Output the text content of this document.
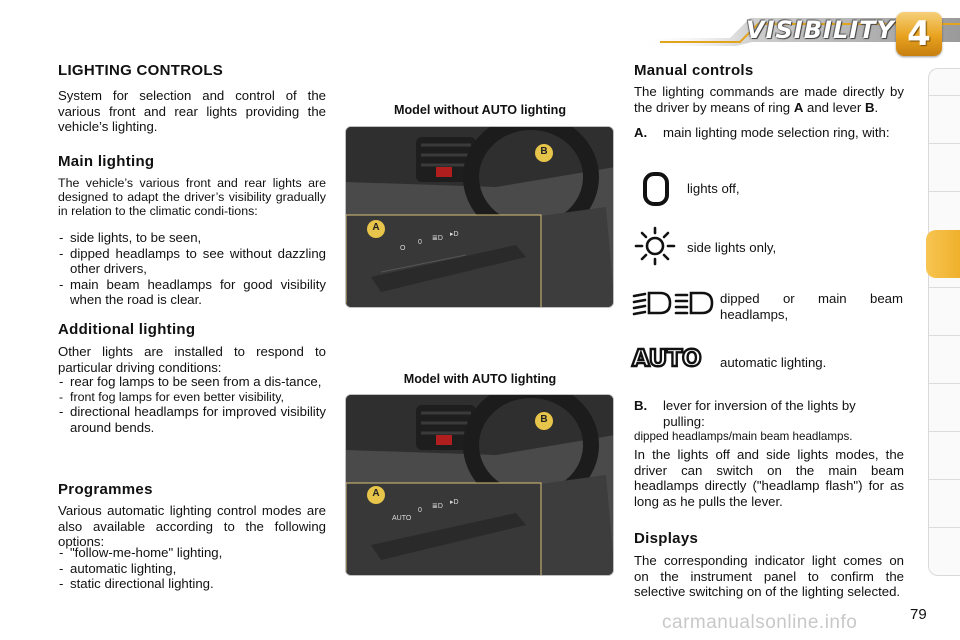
VISIBILITY 4
LIGHTING CONTROLS

System for selection and control of the various front and rear lights providing the vehicle’s lighting.

Main lighting

The vehicle’s various front and rear lights are designed to adapt the driver’s visibility gradually in relation to the climatic condi-tions:

- side lights, to be seen,
- dipped headlamps to see without dazzling other drivers,
- main beam headlamps for good visibility when the road is clear.
Additional lighting

Other lights are installed to respond to particular driving conditions:

- rear fog lamps to be seen from a dis-tance,
- front fog lamps for even better visibility,
- directional headlamps for improved visibility around bends.
Programmes

Various automatic lighting control modes are also available according to the following options:

- "follow-me-home" lighting,
- automatic lighting,
- static directional lighting.
Model without AUTO lighting
B
A
O
0
≣D
▸D
Model with AUTO lighting
B
A
AUTO
0
≣D
▸D
Manual controls

The lighting commands are made directly by the driver by means of ring A and lever B.

A. main lighting mode selection ring, with:
lights off,
side lights only,
dipped or main beam headlamps,
AUTO automatic lighting.
B. lever for inversion of the lights by pulling:
dipped headlamps/main beam headlamps.

In the lights off and side lights modes, the driver can switch on the main beam headlamps directly ("headlamp flash") for as long as he pulls the lever.

Displays

The corresponding indicator light comes on on the instrument panel to confirm the selective switching on of the lighting selected.

carmanualsonline.info	79
